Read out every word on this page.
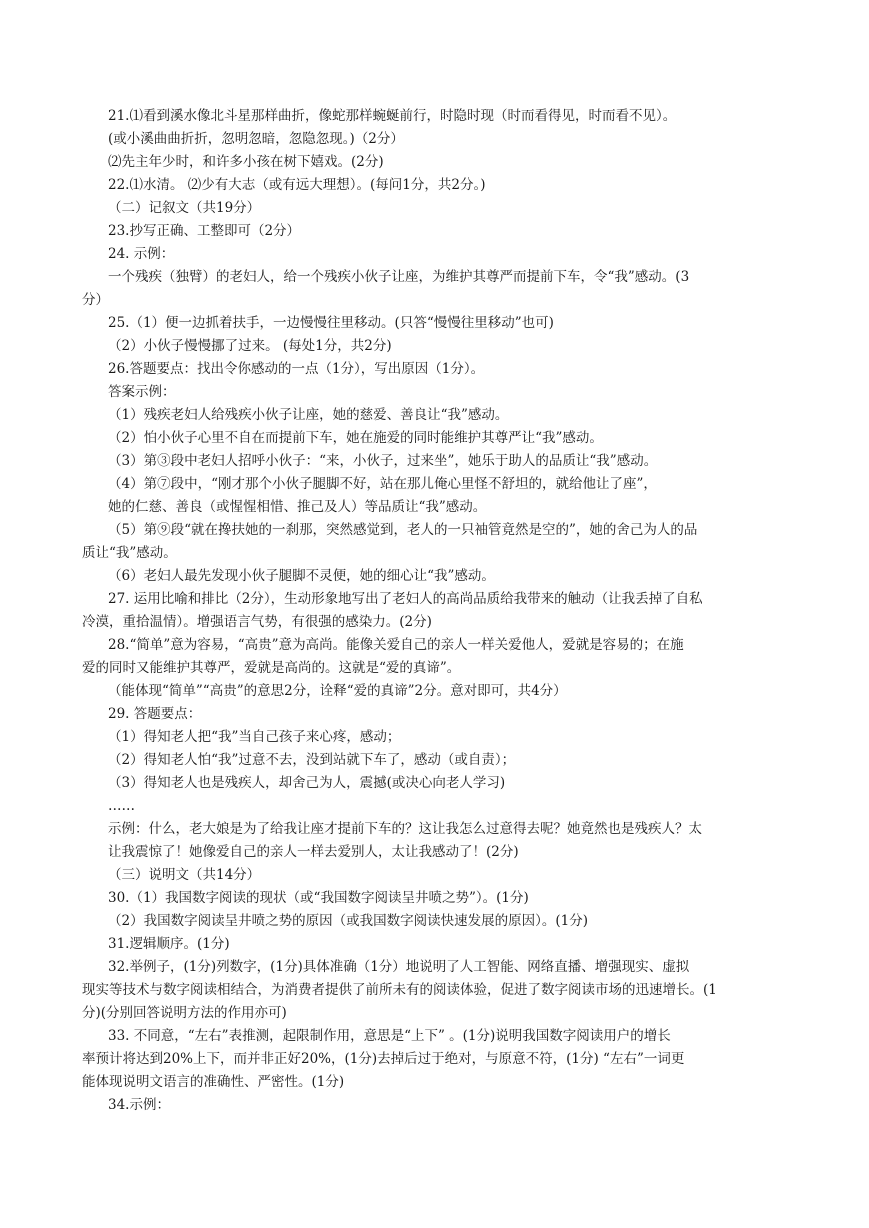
21.⑴看到溪水像北斗星那样曲折，像蛇那样蜿蜒前行，时隐时现（时而看得见，时而看不见）。
(或小溪曲曲折折，忽明忽暗，忽隐忽现。)（2分）
⑵先主年少时，和许多小孩在树下嬉戏。(2分)
22.⑴水清。 ⑵少有大志（或有远大理想）。(每问1分，共2分。)
（二）记叙文（共19分）
23.抄写正确、工整即可（2分）
24. 示例：
一个残疾（独臂）的老妇人，给一个残疾小伙子让座，为维护其尊严而提前下车，令“我”感动。(3
分）
25.（1）便一边抓着扶手，一边慢慢往里移动。(只答“慢慢往里移动”也可)
（2）小伙子慢慢挪了过来。 (每处1分，共2分)
26.答题要点：找出令你感动的一点（1分），写出原因（1分）。
答案示例：
（1）残疾老妇人给残疾小伙子让座，她的慈爱、善良让“我”感动。
（2）怕小伙子心里不自在而提前下车，她在施爱的同时能维护其尊严让“我”感动。
（3）第③段中老妇人招呼小伙子：“来，小伙子，过来坐”，她乐于助人的品质让“我”感动。
（4）第⑦段中，“刚才那个小伙子腿脚不好，站在那儿俺心里怪不舒坦的，就给他让了座”，
她的仁慈、善良（或惺惺相惜、推己及人）等品质让“我”感动。
（5）第⑨段“就在搀扶她的一刹那，突然感觉到，老人的一只袖管竟然是空的”，她的舍己为人的品
质让“我”感动。
（6）老妇人最先发现小伙子腿脚不灵便，她的细心让“我”感动。
27. 运用比喻和排比（2分），生动形象地写出了老妇人的高尚品质给我带来的触动（让我丢掉了自私
冷漠，重拾温情）。增强语言气势，有很强的感染力。(2分)
28.“简单”意为容易，“高贵”意为高尚。能像关爱自己的亲人一样关爱他人，爱就是容易的；在施
爱的同时又能维护其尊严，爱就是高尚的。这就是“爱的真谛”。
（能体现“简单”“高贵”的意思2分，诠释“爱的真谛”2分。意对即可，共4分）
29. 答题要点：
（1）得知老人把“我”当自己孩子来心疼，感动；
（2）得知老人怕“我”过意不去，没到站就下车了，感动（或自责）；
（3）得知老人也是残疾人，却舍己为人，震撼(或决心向老人学习)
……
示例：什么，老大娘是为了给我让座才提前下车的？这让我怎么过意得去呢？她竟然也是残疾人？太
让我震惊了！她像爱自己的亲人一样去爱别人，太让我感动了！(2分)
（三）说明文（共14分）
30.（1）我国数字阅读的现状（或“我国数字阅读呈井喷之势”）。(1分)
（2）我国数字阅读呈井喷之势的原因（或我国数字阅读快速发展的原因）。(1分)
31.逻辑顺序。(1分)
32.举例子，(1分)列数字，(1分)具体准确（1分）地说明了人工智能、网络直播、增强现实、虚拟
现实等技术与数字阅读相结合，为消费者提供了前所未有的阅读体验，促进了数字阅读市场的迅速增长。(1
分)(分别回答说明方法的作用亦可)
33. 不同意，“左右”表推测，起限制作用，意思是“上下” 。(1分)说明我国数字阅读用户的增长
率预计将达到20%上下，而并非正好20%，(1分)去掉后过于绝对，与原意不符，(1分) “左右”一词更
能体现说明文语言的准确性、严密性。(1分)
34.示例：
